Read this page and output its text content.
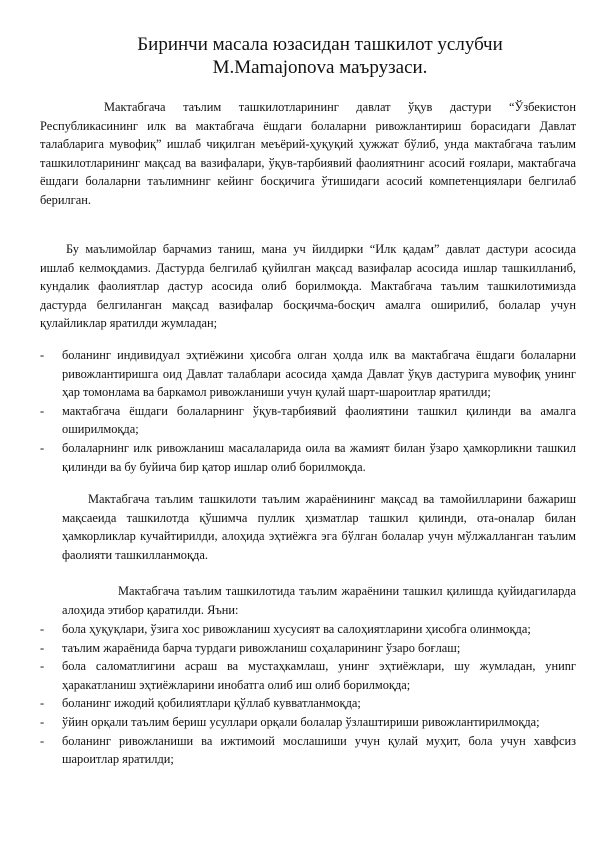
Биринчи масала юзасидан ташкилот услубчи
M.Mamajonova маърузаси.
Мактабгача таълим ташкилотларининг давлат ўқув дастури “Ўзбекистон Республикасининг илк ва мактабгача ёшдаги болаларни ривожлантириш борасидаги Давлат талабларига мувофиқ” ишлаб чиқилган меъёрий-ҳуқуқий ҳужжат бўлиб, унда мактабгача таълим ташкилотларининг мақсад ва вазифалари, ўқув-тарбиявий фаолиятнинг асосий ғоялари, мактабгача ёшдаги болаларни таълимнинг кейинг босқичига ўтишидаги асосий компетенциялари белгилаб берилган.
Бу маълимойлар барчамиз таниш, мана уч йилдирки “Илк қадам” давлат дастури асосида ишлаб келмоқдамиз. Дастурда белгилаб қуйилган мақсад вазифалар асосида ишлар ташкилланиб, кундалик фаолиятлар дастур асосида олиб борилмоқда. Мактабгача таълим ташкилотимизда дастурда белгиланган мақсад вазифалар босқичма-босқич амалга оширилиб, болалар учун қулайликлар яратилди жумладан;
- боланинг индивидуал эҳтиёжини ҳисобга олган ҳолда илк ва мактабгача ёшдаги болаларни ривожлантиришга оид Давлат талаблари асосида ҳамда Давлат ўқув дастурига мувофиқ унинг ҳар томонлама ва баркамол ривожланиши учун қулай шарт-шароитлар яратилди;
- мактабгача ёшдаги болаларнинг ўқув-тарбиявий фаолиятини ташкил қилинди ва амалга оширилмоқда;
- болаларнинг илк ривожланиш масалаларида оила ва жамият билан ўзаро ҳамкорликни ташкил қилинди ва бу буйича бир қатор ишлар олиб борилмоқда.
Мактабгача таълим ташкилоти таълим жараёнининг мақсад ва тамойилларини бажариш мақсаeида ташкилотда қўшимча пуллик ҳизматлар ташкил қилинди, ота-оналар билан ҳамкорликлар кучайтирилди, алоҳида эҳтиёжга эга бўлган болалар учун мўлжалланган таълим фаолияти ташкилланмоқда.
Мактабгача таълим ташкилотида таълим жараёнини ташкил қилишда қуйидагиларда алоҳида этибор қаратилди. Яъни:
- бола ҳуқуқлари, ўзига хос ривожланиш хусусият ва салоҳиятларини ҳисобга олинмоқда;
- таълим жараёнида барча турдаги ривожланиш соҳаларининг ўзаро боғлаш;
- бола саломатлигини асраш ва мустаҳкамлаш, унинг эҳтиёжлари, шу жумладан, униnг ҳаракатланиш эҳтиёжларини инобатга олиб иш олиб борилмоқда;
- боланинг ижодий қобилиятлари қўллаб кувватланмоқда;
- ўйин орқали таълим бериш усуллари орқали болалар ўзлаштириши ривожлантирилмоқда;
- боланинг ривожланиши ва ижтимоий мослашиши учун қулай муҳит, бола учун хавфсиз шароитлар яратилди;
